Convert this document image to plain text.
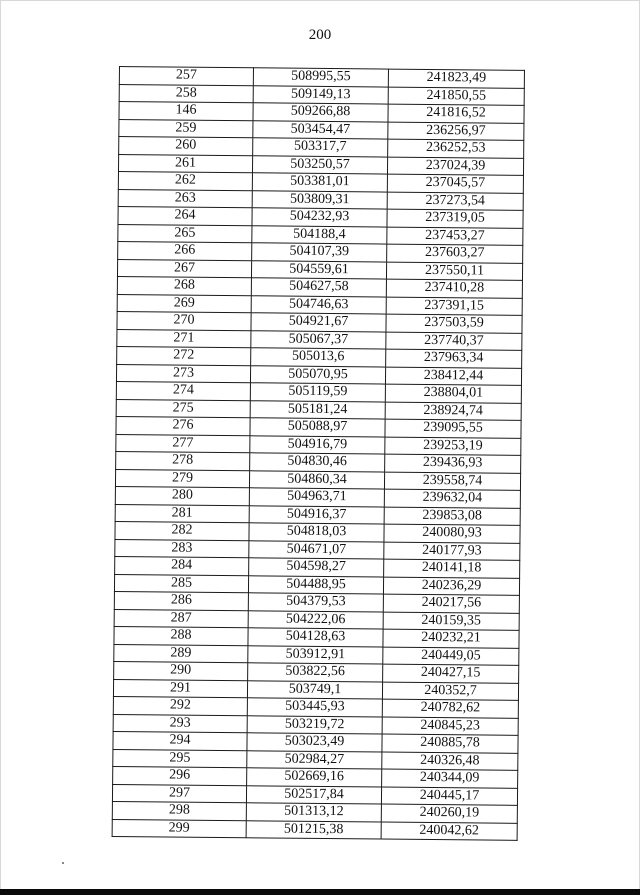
200
257	508995,55	241823,49
258	509149,13	241850,55
146	509266,88	241816,52
259	503454,47	236256,97
260	503317,7	236252,53
261	503250,57	237024,39
262	503381,01	237045,57
263	503809,31	237273,54
264	504232,93	237319,05
265	504188,4	237453,27
266	504107,39	237603,27
267	504559,61	237550,11
268	504627,58	237410,28
269	504746,63	237391,15
270	504921,67	237503,59
271	505067,37	237740,37
272	505013,6	237963,34
273	505070,95	238412,44
274	505119,59	238804,01
275	505181,24	238924,74
276	505088,97	239095,55
277	504916,79	239253,19
278	504830,46	239436,93
279	504860,34	239558,74
280	504963,71	239632,04
281	504916,37	239853,08
282	504818,03	240080,93
283	504671,07	240177,93
284	504598,27	240141,18
285	504488,95	240236,29
286	504379,53	240217,56
287	504222,06	240159,35
288	504128,63	240232,21
289	503912,91	240449,05
290	503822,56	240427,15
291	503749,1	240352,7
292	503445,93	240782,62
293	503219,72	240845,23
294	503023,49	240885,78
295	502984,27	240326,48
296	502669,16	240344,09
297	502517,84	240445,17
298	501313,12	240260,19
299	501215,38	240042,62
